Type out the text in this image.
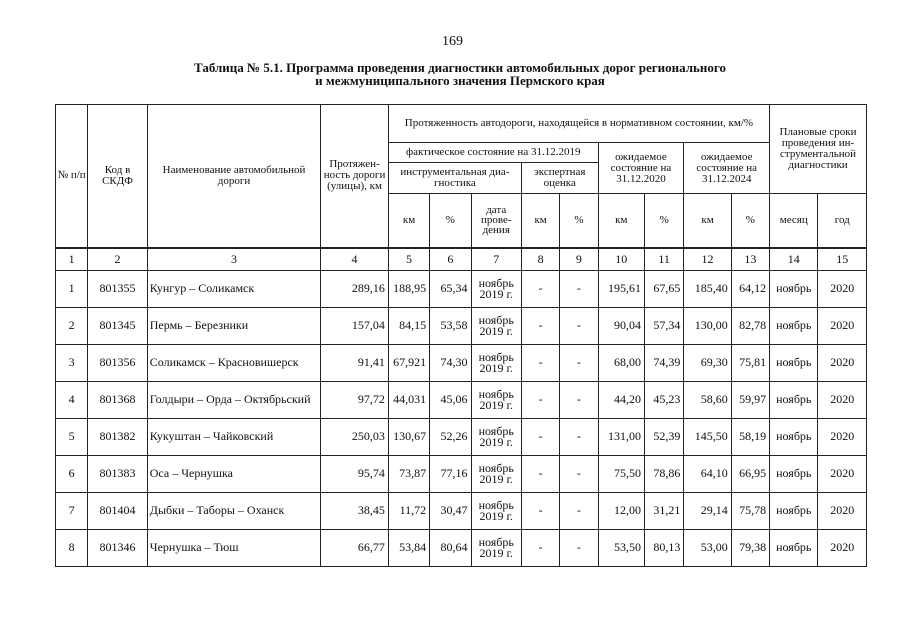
169
Таблица № 5.1. Программа проведения диагностики автомобильных дорог регионального
и межмуниципального значения Пермского края
№ п/п	Код в СКДФ	Наименование автомобильной дороги	Протяжен- ность дороги (улицы), км	Протяженность автодороги, находящейся в нормативном состоянии, км/%									Плановые сроки проведения ин- струментальной диагностики	
				фактическое состояние на 31.12.2019					ожидаемое состояние на 31.12.2020		ожидаемое состояние на 31.12.2024			
				инструментальная диа- гностика			экспертная оценка							
				км	%	дата прове- дения	км	%	км	%	км	%	месяц	год
1	2	3	4	5	6	7	8	9	10	11	12	13	14	15
1	801355	Кунгур – Соликамск	289,16	188,95	65,34	ноябрь 2019 г.	-	-	195,61	67,65	185,40	64,12	ноябрь	2020
2	801345	Пермь – Березники	157,04	84,15	53,58	ноябрь 2019 г.	-	-	90,04	57,34	130,00	82,78	ноябрь	2020
3	801356	Соликамск – Красновишерск	91,41	67,921	74,30	ноябрь 2019 г.	-	-	68,00	74,39	69,30	75,81	ноябрь	2020
4	801368	Голдыри – Орда – Октябрьский	97,72	44,031	45,06	ноябрь 2019 г.	-	-	44,20	45,23	58,60	59,97	ноябрь	2020
5	801382	Кукуштан – Чайковский	250,03	130,67	52,26	ноябрь 2019 г.	-	-	131,00	52,39	145,50	58,19	ноябрь	2020
6	801383	Оса – Чернушка	95,74	73,87	77,16	ноябрь 2019 г.	-	-	75,50	78,86	64,10	66,95	ноябрь	2020
7	801404	Дыбки – Таборы – Оханск	38,45	11,72	30,47	ноябрь 2019 г.	-	-	12,00	31,21	29,14	75,78	ноябрь	2020
8	801346	Чернушка – Тюш	66,77	53,84	80,64	ноябрь 2019 г.	-	-	53,50	80,13	53,00	79,38	ноябрь	2020
